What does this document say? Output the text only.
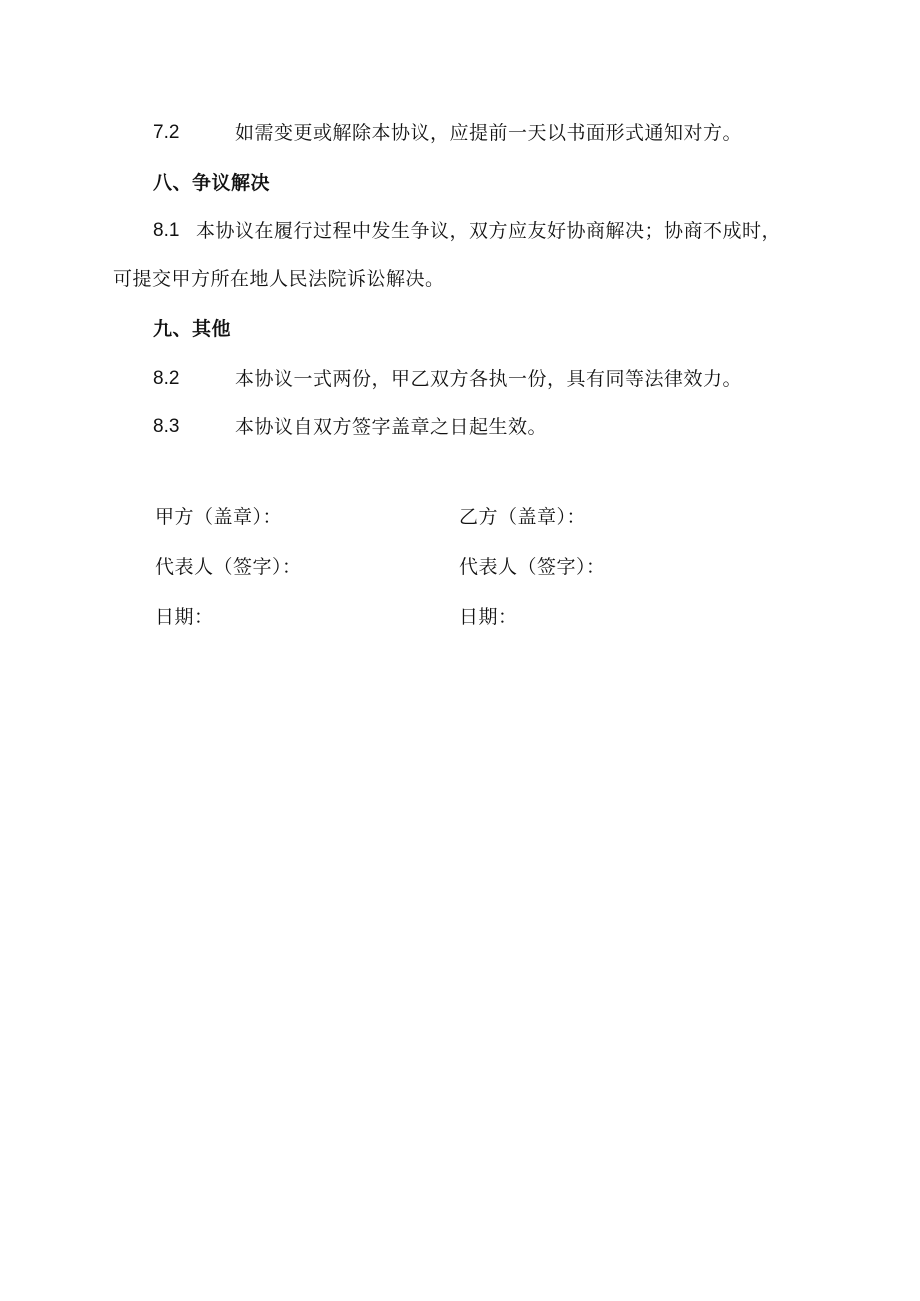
7.2	如需变更或解除本协议，应提前一天以书面形式通知对方。
八、争议解决
8.1 本协议在履行过程中发生争议，双方应友好协商解决；协商不成时，
可提交甲方所在地人民法院诉讼解决。
九、其他
8.2	本协议一式两份，甲乙双方各执一份，具有同等法律效力。
8.3	本协议自双方签字盖章之日起生效。
甲方（盖章）：	乙方（盖章）：
代表人（签字）：	代表人（签字）：
日期：	日期：
